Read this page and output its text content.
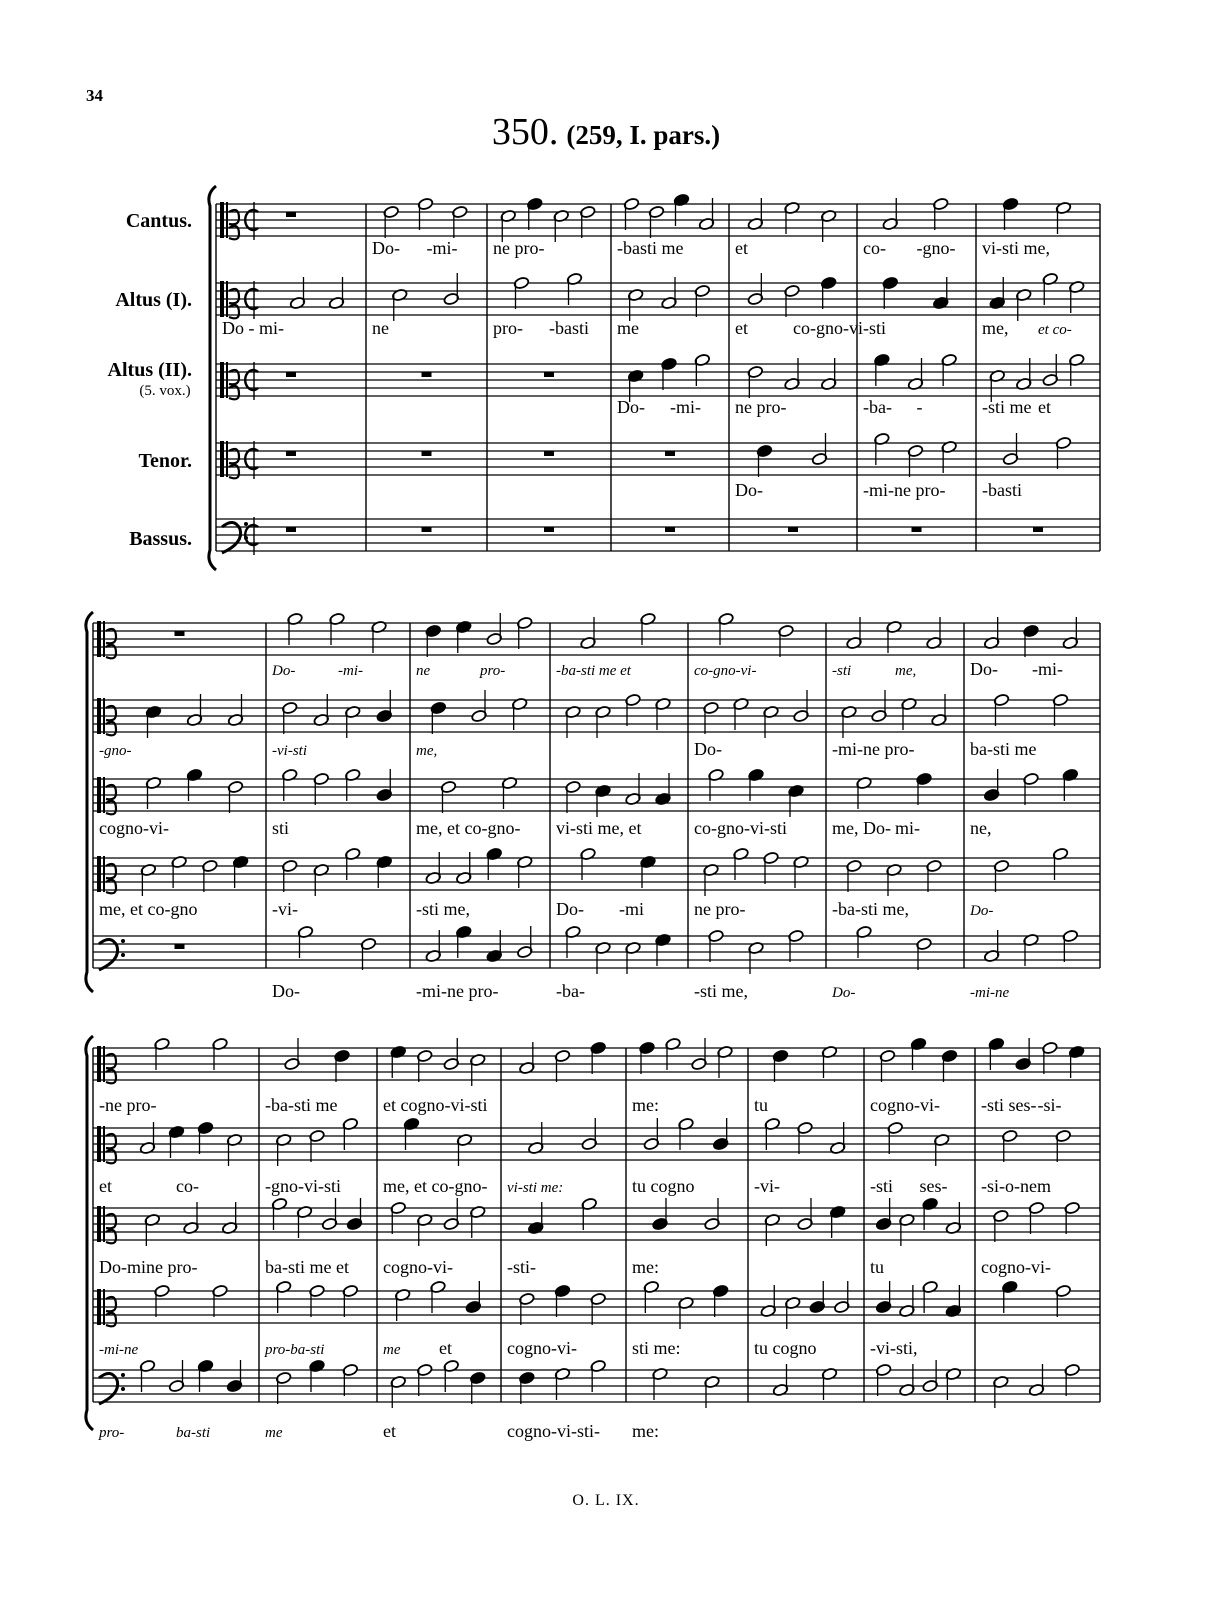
34
350. (259, I. pars.)
Cantus.
Altus (I).
Altus (II).
(5. vox.)
Tenor.
Bassus.
Do- -mi- ne pro-	-basti me	et	co- -gno- vi-sti me,
Do - mi-	ne	pro- -basti me	et	co-gno-vi-sti	me, et co-
Do- -mi- ne pro-	-ba- -	-sti me et
Do-	-mi-ne pro- -basti
Do-	-mi-	ne	pro-	-ba-sti me et	co-gno-vi-	-sti	me,	Do- -mi-
-gno-	-vi-sti	me,	Do-	-mi-ne pro-	ba-sti me
cogno-vi-	sti	me, et co-gno- vi-sti me, et	co-gno-vi-sti	me, Do- mi-	ne,
me, et co-gno	-vi-	-sti me,	Do- -mi	ne pro-	-ba-sti me,	Do-
Do-	-mi-ne pro-	-ba-	-sti me,	Do-	-mi-ne
-ne pro-	-ba-sti me	et cogno-vi-sti	me:	tu	cogno-vi- -sti ses- -si-
et	co-	-gno-vi-sti me, et co-gno- vi-sti me:	tu cogno	-vi-	-sti ses- -si-o-nem
Do-mine pro-	ba-sti me et cogno-vi-	-sti-	me:	tu	cogno-vi-
-mi-ne	pro-ba-sti	me et	cogno-vi-	sti me:	tu cogno	-vi-sti,
pro-	ba-sti	me	et	cogno-vi-sti- me:
O. L. IX.
